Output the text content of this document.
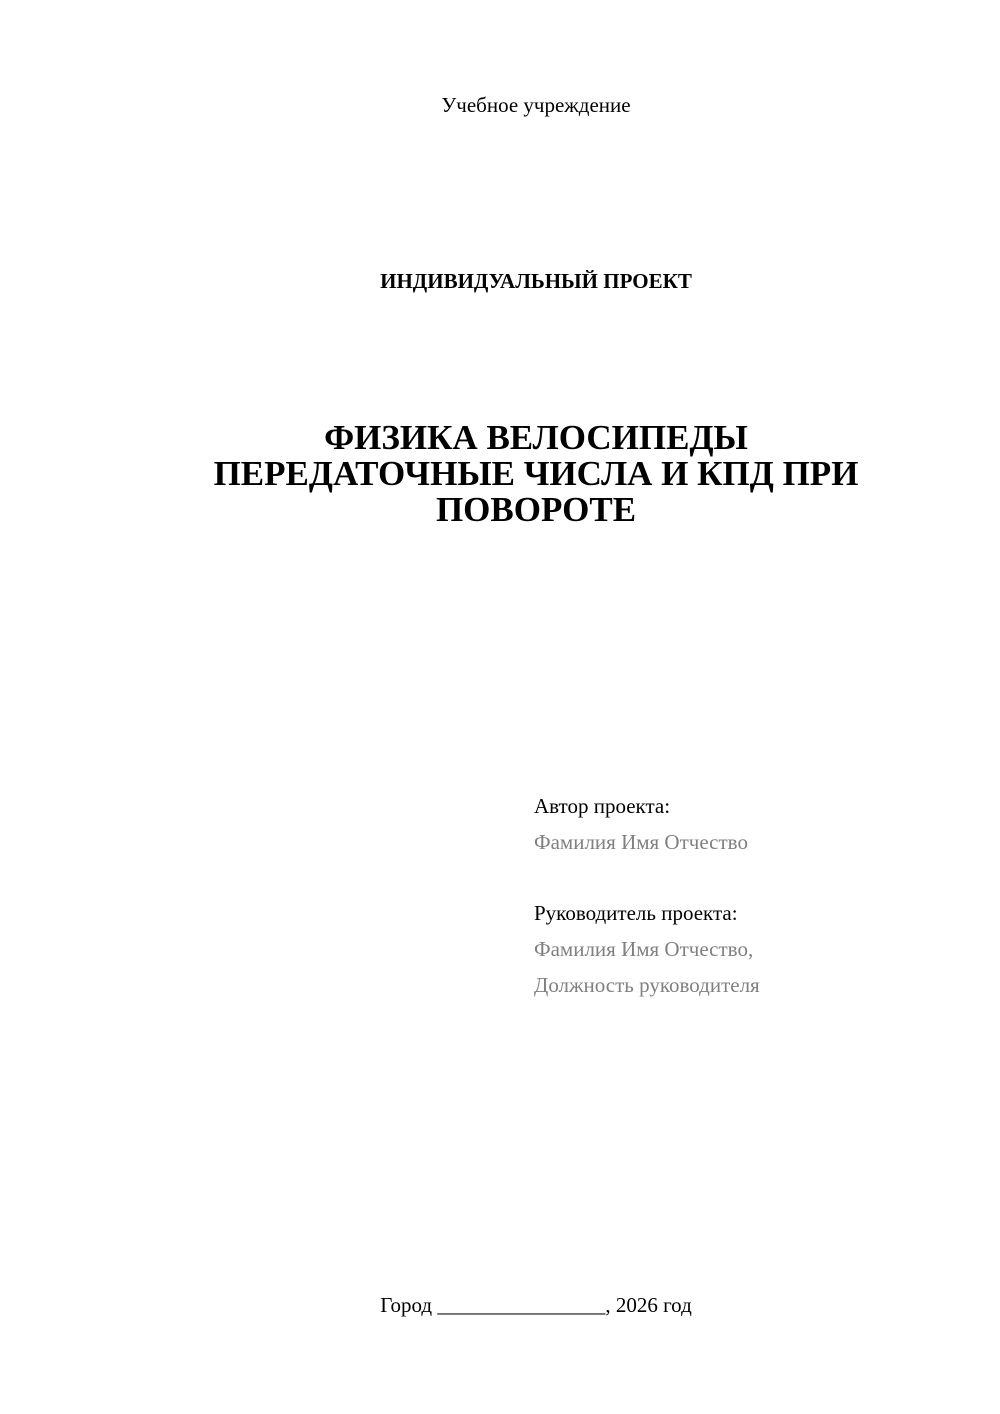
Учебное учреждение
ИНДИВИДУАЛЬНЫЙ ПРОЕКТ
ФИЗИКА ВЕЛОСИПЕДЫ
ПЕРЕДАТОЧНЫЕ ЧИСЛА И КПД ПРИ
ПОВОРОТЕ
Автор проекта:
Фамилия Имя Отчество
Руководитель проекта:
Фамилия Имя Отчество,
Должность руководителя
Город ________________, 2026 год
